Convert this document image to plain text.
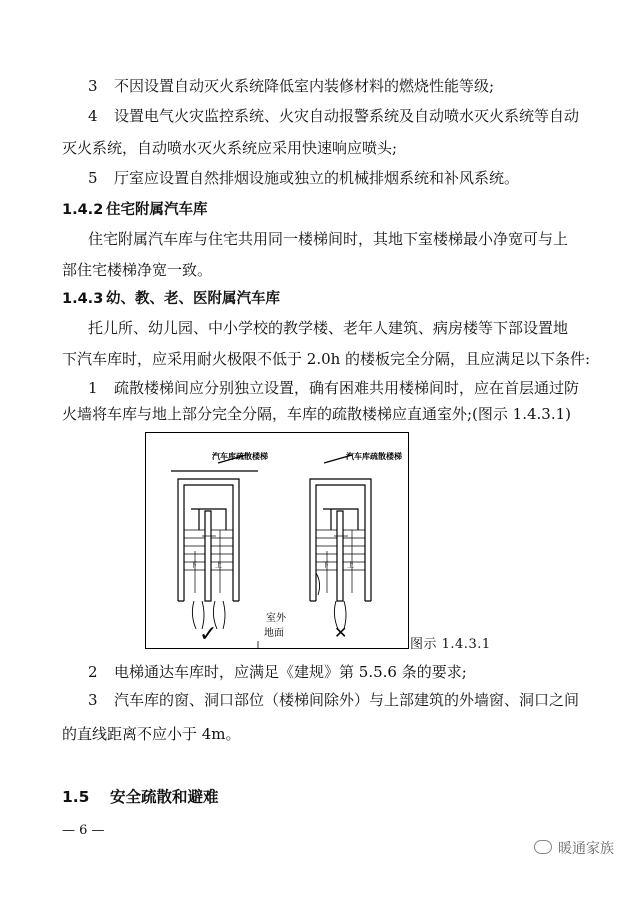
3 不因设置自动灭火系统降低室内装修材料的燃烧性能等级;
4 设置电气火灾监控系统、火灾自动报警系统及自动喷水灭火系统等自动
灭火系统，自动喷水灭火系统应采用快速响应喷头;
5 厅室应设置自然排烟设施或独立的机械排烟系统和补风系统。
1.4.2 住宅附属汽车库
住宅附属汽车库与住宅共用同一楼梯间时，其地下室楼梯最小净宽可与上
部住宅楼梯净宽一致。
1.4.3 幼、教、老、医附属汽车库
托儿所、幼儿园、中小学校的教学楼、老年人建筑、病房楼等下部设置地
下汽车库时，应采用耐火极限不低于 2.0h 的楼板完全分隔，且应满足以下条件:
1 疏散楼梯间应分别独立设置，确有困难共用楼梯间时，应在首层通过防
火墙将车库与地上部分完全分隔，车库的疏散楼梯应直通室外;(图示 1.4.3.1)
汽车库疏散楼梯	汽车库疏散楼梯
下	上	下	上
室外
地面
✓	✕
图示 1.4.3.1
2 电梯通达车库时，应满足《建规》第 5.5.6 条的要求;
3 汽车库的窗、洞口部位（楼梯间除外）与上部建筑的外墙窗、洞口之间
的直线距离不应小于 4m。
1.5 安全疏散和避难
— 6 —
暖通家族
